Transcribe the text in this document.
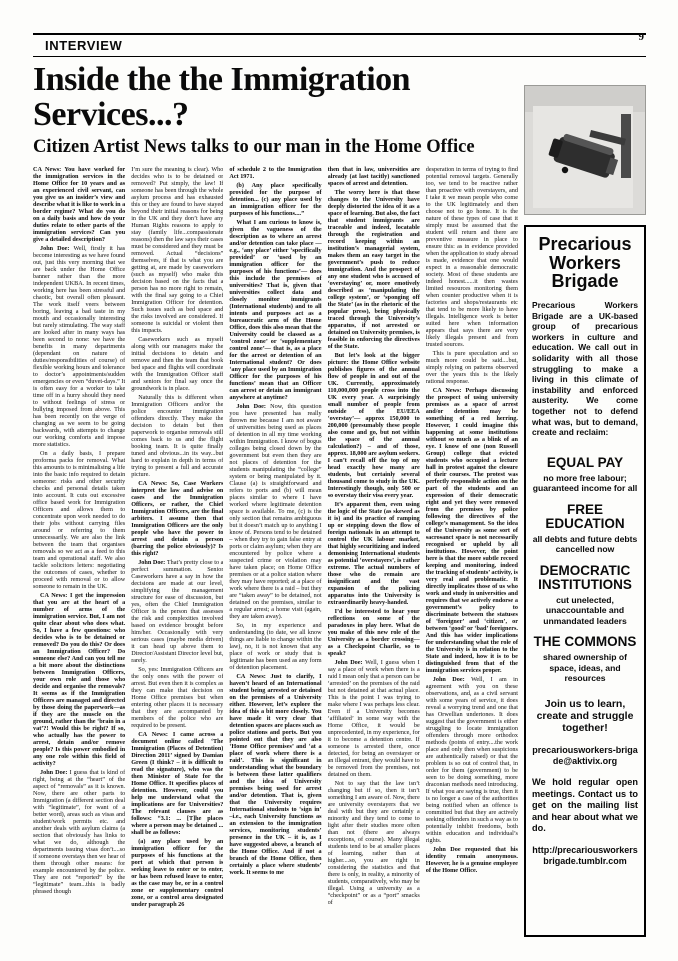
9
INTERVIEW
Inside the the Immigration Services...?
Citizen Artist News talks to our man in the Home Office

CA News: You have worked for the immigration services in the Home Office for 10 years and as an experienced civil servant, can you give us an insider’s view and describe what it is like to work in a border regime? What do you do on a daily basis and how do your duties relate to other parts of the immigration services? Can you give a detailed description?

John Doe: Well, firstly it has become interesting as we have found out, just this very morning that we are back under the Home Office banner rather than the more independent UKBA. In recent times, working here has been stressful and chaotic, but overall often pleasant. The work itself veers between boring, leaving a bad taste in my mouth and occasionally interesting but rarely stimulating. The way staff are looked after in many ways has been second to none: we have the benefits in many departments (dependant on nature of duties/responsibilities of course) of flexible working hours and tolerance to doctor’s appointments/sudden emergencies or even “duvet-days.” It is often easy for a worker to take time off in a hurry should they need to without feelings of stress or bullying imposed from above. This has been recently on the verge of changing as we seem to be going backwards, with attempts to change our working comforts and impose more statistics.

On a daily basis, I prepare proforma packs for removal. What this amounts to is minimalising a life into the basic info required to detain someone: risks and other security checks and personal details taken into account. It cuts out excessive office based work for Immigration Officers and allows them to concentrate upon work needed to do their jobs without carrying files around or referring to them unnecessarily. We are also the link between the team that organises removals so we act as a feed to this team and operational staff. We also tackle solicitors letters: negotiating the outcomes of cases, whether to proceed with removal or to allow someone to remain in the UK.

CA News: I get the impression that you are at the heart of a number of arms of the immigration service. But, I am not quite clear about who does what. So, I have a few questions: who decides who is to be detained or removed? Do you do this? Or does an Immigration Officer? Do someone else? And can you tell me a bit more about the distinctions between Immigration Officers, your own role and those who decide and organise the removals? It seems as if the Immigration Officers are managed and directed by those doing the paperwork—as if they are the muscle on the ground, rather than the ‘brain in a vat’?! Would this be right? If so, who actually has the power to arrest, detain and/or remove people? Is this power embodied in any one role within this field of activity?

John Doe: I guess that is kind of right, being at the “heart” of the aspect of “removals” as it is known. Now, there are other parts to Immigration (a different section deal with “legitimate”, for want of a better word), areas such as visas and student/work permits etc. and another deals with asylum claims (a section that obviously has links to what we do, although the departments issuing visas don’t....so if someone overstays then we hear of them through other means: for example encountered by the police. They are not “reported” by the “legitimate” team...this is badly phrased though

I’m sure the meaning is clear). Who decides who is to be detained or removed? Put simply, the law! If someone has been through the whole asylum process and has exhausted this or they are found to have stayed beyond their initial reasons for being in the UK and they don’t have any Human Rights reasons to apply to stay (family life...compassionate reasons) then the law says their cases must be considered and they must be removed. Actual “decisions” themselves, if that is what you are getting at, are made by caseworkers (such as myself) who make this decision based on the facts that a person has no more right to remain, with the final say going to a Chief Immigration Officer for detention. Such issues such as bed space and the risks involved are considered. If someone is suicidal or violent then this impacts.

Caseworkers such as myself along with our managers make the initial decisions to detain and remove and then the team that book bed space and flights will coordinate with the Immigration Officer staff and seniors for final say once the groundwork is in place.

Naturally this is different when Immigration Officers and/or the police encounter immigration offenders directly. They make the decision to detain but then paperwork to organise removals still comes back to us and the flight booking team. It is quite finally tuned and obvious...in its way...but hard to explain in depth in terms of trying to present a full and accurate picture.

CA News: So, Case Workers interpret the law and advise on cases and the Immigration Officers, or rather, the Chief Immigration Officers, are the final arbiters. I assume then that Immigration Officers are the only people who have the power to arrest and detain a person (barring the police obviously)? Is this right?

John Doe: That’s pretty close to a perfect summation. Senior Caseworkers have a say in how the decisions are made at our level, simplifying the management structure for ease of discussion, but yes, often the Chief Immigration Officer is the person that assesses the risk and complexities involved based on evidence brought before him/her. Occasionally with very serious cases (maybe media driven) it can head up above them to Director/Assistant Director level but, rarely.

So, yes: Immigration Officers are the only ones with the power of arrest. But even then it is complex as they can make that decision on Home Office premises but when entering other places it is necessary that they are accompanied by members of the police who are required to be present.

CA News: I came across a document online called ‘The Immigration (Places of Detention) Direction 2011’ signed by Damian Green (I think? – it is difficult to read the signature), who was the then Minister of State for the Home Office. It specifies places of detention. However, could you help me understand what the implications are for Universities? The relevant clauses are as follows: “3.1: ... [T]he places where a person may be detained ... shall be as follows:

(a) any place used by an immigration officer for the purposes of his functions at the port at which that person is seeking leave to enter or to enter, or has been refused leave to enter, as the case may be, or in a control zone or supplementary control zone, or a control area designated under paragraph 26

of schedule 2 to the Immigration Act 1971.

(b) Any place specifically provided for the purpose of detention... (c) any place used by an immigration officer for the purposes of his functions....”

What I am curious to know is, given the vagueness of the description as to where an arrest and/or detention can take place — e.g., ‘any place’ either ‘specifically provided’ or ‘used by an immigration officer for the purposes of his functions’— does this include the premises of universities? That is, given that universities collect data and closely monitor immigrants (International students) and to all intents and purposes act as a bureaucratic arm of the Home Office, does this also mean that the University could be classed as a ‘control zone’ or ‘supplementary control zone’— that is, as a place for the arrest or detention of an International student? Or does ‘any place used by an Immigration Officer for the purposes of his functions’ mean that an Officer can arrest or detain an immigrant anywhere at anytime?

John Doe: Now, this question you have presented has really thrown me because I am not aware of universities being used as places of detention in all my time working within Immigration. I know of bogus colleges being closed down by the government but even then they are not places of detention for the students manipulating the “college” system or being manipulated by it. Clause (a) is straightforward and refers to ports and (b) will mean places similar to where I have worked where legitimate detention space is available. To me, (c) is the only section that remains ambiguous but it doesn’t match up to anything I know of. Persons tend to be detained – when they try to gain false entry at ports or claim asylum; when they are encountered by police where a suspected crime or violation may have taken place; on Home Office premises or at a police station where they may have reported; at a place of work where there is a raid – but they are “taken away” to be detained, not detained on the premises, similar to a regular arrest; a home visit (again, they are taken away).

So, in my experience and understanding (to date, we all know things are liable to change within the law), no, it is not known that any place of work or study that is legitimate has been used as any form of detention placement.

CA News: Just to clarify, I haven’t heard of an International student being arrested or detained on the premises of a University either. However, let’s explore the idea of this a bit more closely. You have made it very clear that detention spaces are places such as police stations and ports. But you pointed out that they are also ‘Home Office premises’ and ‘at a place of work where there is a raid’. This is significant in understanding what the boundary is between these latter qualifiers and the idea of University premises being used for arrest and/or detention. That is, given that the University requires International students to ‘sign in’ –i.e., each University functions as an extension to the immigration services, monitoring students’ presence in the UK – it is, as I have suggested above, a branch of the Home Office. And if not a branch of the Home Office, then certainly a place where students’ work. It seems to me

then that in law, universities are already (at last tacitly) sanctioned spaces of arrest and detention.

The worry here is that these changes to the University have deeply distorted the idea of it as a space of learning. But also, the fact that student immigrants are traceable and indeed, locatable through the registration and record keeping within an institution’s managerial system, makes them an easy target in the government’s push to reduce immigration. And the prospect of any one student who is accused of ‘overstaying’ or, more emotively described as ‘manipulating the college system’, or ‘sponging off the State’ (as in the rhetoric of the popular press), being physically traced through the University’s apparatus, if not arrested or detained on University premises, is feasible in enforcing the directives of the State.

But let’s look at the bigger picture: the Home Office website publishes figures of the annual flow of people in and out of the UK. Currently, approximately 110,000,000 people cross into the UK every year. A surprisingly small number of people from outside of the EU/EEA ‘overstay’— approx 150,000 to 200,000 (presumably these people also come and go, but not within the space of the annual calculation?) – and of those, approx. 18,000 are asylum seekers. I can’t recall off the top of my head exactly how many are students, but certainly several thousand come to study in the UK. Interestingly though, only 500 or so overstay their visa every year.

It’s apparent then, even using the logic of the State (as skewed as it is) and its practice of ramping up or stepping down the flow of foreign nationals in an attempt to control the UK labour market, that highly securitizing and indeed demonising International students as potential ‘overstayers’, is rather extreme. The actual numbers of those who do remain are insignificant and the vast expansion of the policing apparatus into the University is extraordinarily heavy-handed.

I’d be interested to hear your reflections on some of the paradoxes in play here. What do you make of this new role of the University as a border crossing—as a Checkpoint Charlie, so to speak?

John Doe: Well, I guess when I say a place of work when there is a raid I mean only that a person can be ‘arrested’ on the premises of the raid but not detained at that actual place. This is the point I was trying to make where I was perhaps less clear. Even if a University becomes ‘affiliated’ in some way with the Home Office, it would be unprecedented, in my experience, for it to become a detention centre. If someone is arrested there, once detected, for being an overstayer or an illegal entrant, they would have to be removed from the premises, not detained on them.

Not to say that the law isn’t changing but if so, then it isn’t something I am aware of. Now, there are university overstayers that we deal with but they are certainly a minority and they tend to come to light after their studies more often than not (there are always exceptions, of course). Many illegal students tend to be at smaller places of learning, rather than at higher....so, you are right in considering the statistics and that there is only, in reality, a minority of students, comparatively, who may be illegal. Using a university as a “checkpoint” or as a “port” smacks of

desperation in terms of trying to find potential removal targets. Generally too, we tend to be reactive rather than proactive with overstayers, and I take it we mean people who come to the UK legitimately and then choose not to go home. It is the nature of these types of case that it simply must be assumed that the student will return and there are preventive measure in place to ensure this: as in evidence provided when the application to study abroad is made, evidence that one would expect in a reasonable democratic society. Most of these students are indeed honest......it then wastes limited resources monitoring them when counter productive when it is factories and shops/restaurants etc that tend to be more likely to have illegals. Intelligence work is better suited here when information appears that says there are very likely illegals present and from trusted sources.

This is pure speculation and so much more could be said....but, simply relying on patterns observed over the years this is the likely rational response.

CA News: Perhaps discussing the prospect of using university premises as a space of arrest and/or detention may be something of a red herring. However, I could imagine this happening at some institutions without so much as a blink of an eye. I know of one (non Russell Group) college that evicted students who occupied a lecture hall in protest against the closure of their courses. The protest was perfectly responsible action on the part of the students and an expression of their democratic right and yet they were removed from the premises by police following the directives of the college’s management. So the idea of the University as some sort of sacrosanct space is not necessarily recognised or upheld by all institutions. However, the point here is that the more subtle record keeping and monitoring, indeed the tracking of students’ activity, is very real and problematic. It directly implicates those of us who work and study in universities and requires that we actively endorse a government’s policy to discriminate between the statuses of ‘foreigner’ and ‘citizen’, or between ‘good’ or ‘bad’ foreigners. And this has wider implications for understanding what the role of the University is in relation to the State and indeed, how it is to be distinguished from that of the immigration services proper.

John Doe: Well, I am in agreement with you on these observations, and, as a civil servant with some years of service, it does reveal a worrying trend and one that has Orwellian undertones. It does suggest that the government is either struggling to locate immigration offenders through more orthodox methods (points of entry....the work place and only then when suspicions are authentically raised) or that the problem is so out of control that, in order for them (government) to be seen to be doing something, more draconian methods need introducing. If what you are saying is true, then it is no longer a case of the authorities being notified when an offence is committed but that they are actively seeking offenders in such a way as to potentially inhibit freedoms, both within education and individual’s rights.

John Doe requested that his identity remain anonymous. However, he is a genuine employee of the Home Office.

Precarious Workers Brigade
Precarious Workers Brigade are a UK-based group of precarious workers in culture and education. We call out in solidarity with all those struggling to make a living in this climate of instability and enforced austerity. We come together not to defend what was, but to demand, create and reclaim:
EQUAL PAY
no more free labour; guaranteed income for all
FREE EDUCATION
all debts and future debts cancelled now
DEMOCRATIC INSTITUTIONS
cut unelected, unaccountable and unmandated leaders
THE COMMONS
shared ownership of space, ideas, and resources
Join us to learn, create and struggle together!
precariousworkers-brigade@aktivix.org
We hold regular open meetings. Contact us to get on the mailing list and hear about what we do.
http://precariousworkersbrigade.tumblr.com
